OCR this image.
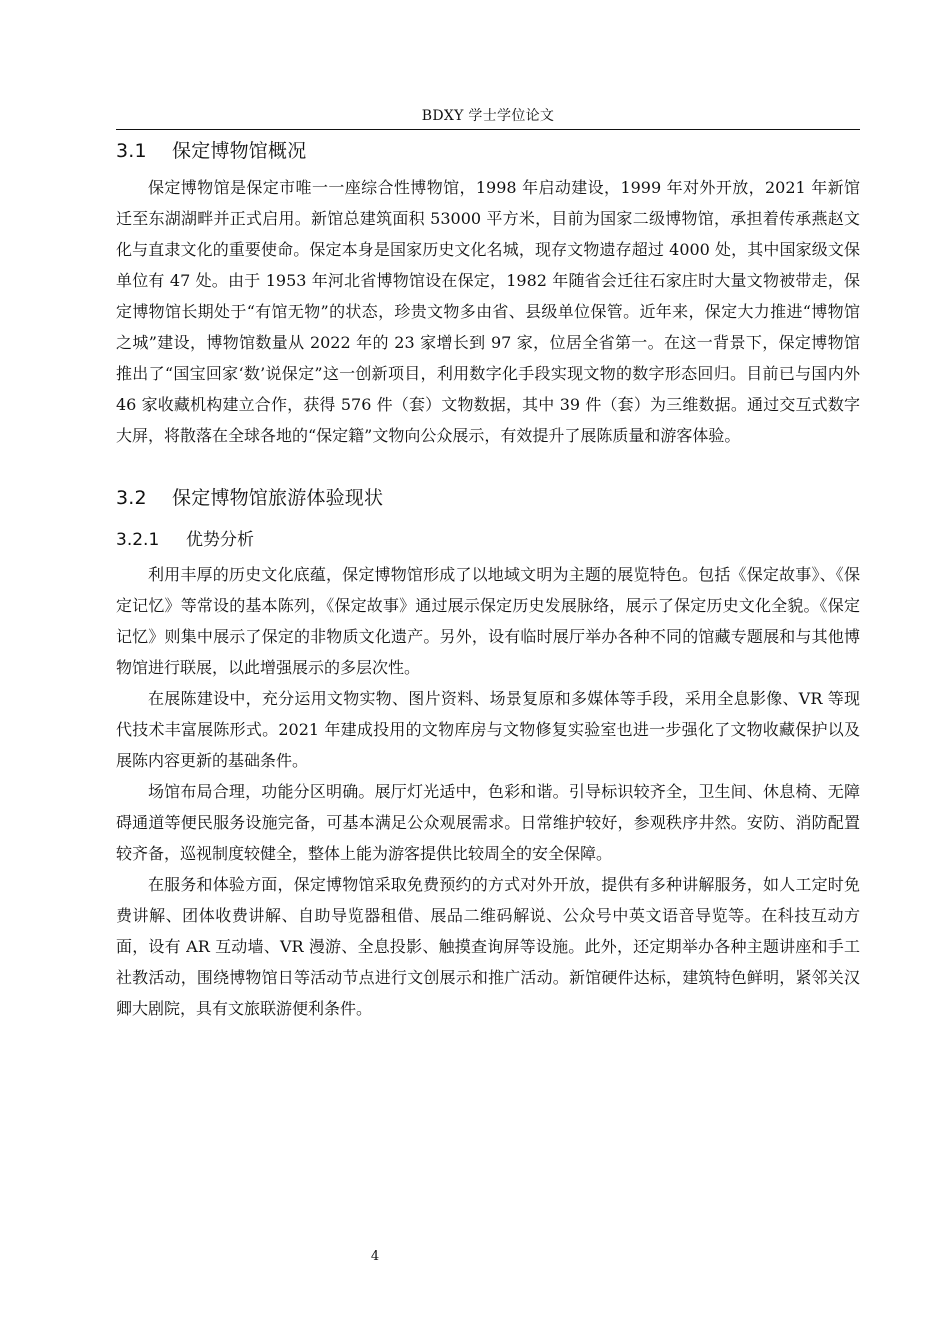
BDXY 学士学位论文
3.1 保定博物馆概况

保定博物馆是保定市唯一一座综合性博物馆，1998 年启动建设，1999 年对外开放，2021 年新馆迁至东湖湖畔并正式启用。新馆总建筑面积 53000 平方米，目前为国家二级博物馆，承担着传承燕赵文化与直隶文化的重要使命。保定本身是国家历史文化名城，现存文物遗存超过 4000 处，其中国家级文保单位有 47 处。由于 1953 年河北省博物馆设在保定，1982 年随省会迁往石家庄时大量文物被带走，保定博物馆长期处于“有馆无物”的状态，珍贵文物多由省、县级单位保管。近年来，保定大力推进“博物馆之城”建设，博物馆数量从 2022 年的 23 家增长到 97 家，位居全省第一。在这一背景下，保定博物馆推出了“国宝回家‘数’说保定”这一创新项目，利用数字化手段实现文物的数字形态回归。目前已与国内外 46 家收藏机构建立合作，获得 576 件（套）文物数据，其中 39 件（套）为三维数据。通过交互式数字大屏，将散落在全球各地的“保定籍”文物向公众展示，有效提升了展陈质量和游客体验。

3.2 保定博物馆旅游体验现状
3.2.1 优势分析

利用丰厚的历史文化底蕴，保定博物馆形成了以地域文明为主题的展览特色。包括《保定故事》、《保定记忆》等常设的基本陈列，《保定故事》通过展示保定历史发展脉络，展示了保定历史文化全貌。《保定记忆》则集中展示了保定的非物质文化遗产。另外，设有临时展厅举办各种不同的馆藏专题展和与其他博物馆进行联展，以此增强展示的多层次性。

在展陈建设中，充分运用文物实物、图片资料、场景复原和多媒体等手段，采用全息影像、VR 等现代技术丰富展陈形式。2021 年建成投用的文物库房与文物修复实验室也进一步强化了文物收藏保护以及展陈内容更新的基础条件。

场馆布局合理，功能分区明确。展厅灯光适中，色彩和谐。引导标识较齐全，卫生间、休息椅、无障碍通道等便民服务设施完备，可基本满足公众观展需求。日常维护较好，参观秩序井然。安防、消防配置较齐备，巡视制度较健全，整体上能为游客提供比较周全的安全保障。

在服务和体验方面，保定博物馆采取免费预约的方式对外开放，提供有多种讲解服务，如人工定时免费讲解、团体收费讲解、自助导览器租借、展品二维码解说、公众号中英文语音导览等。在科技互动方面，设有 AR 互动墙、VR 漫游、全息投影、触摸查询屏等设施。此外，还定期举办各种主题讲座和手工社教活动，围绕博物馆日等活动节点进行文创展示和推广活动。新馆硬件达标，建筑特色鲜明，紧邻关汉卿大剧院，具有文旅联游便利条件。

4
